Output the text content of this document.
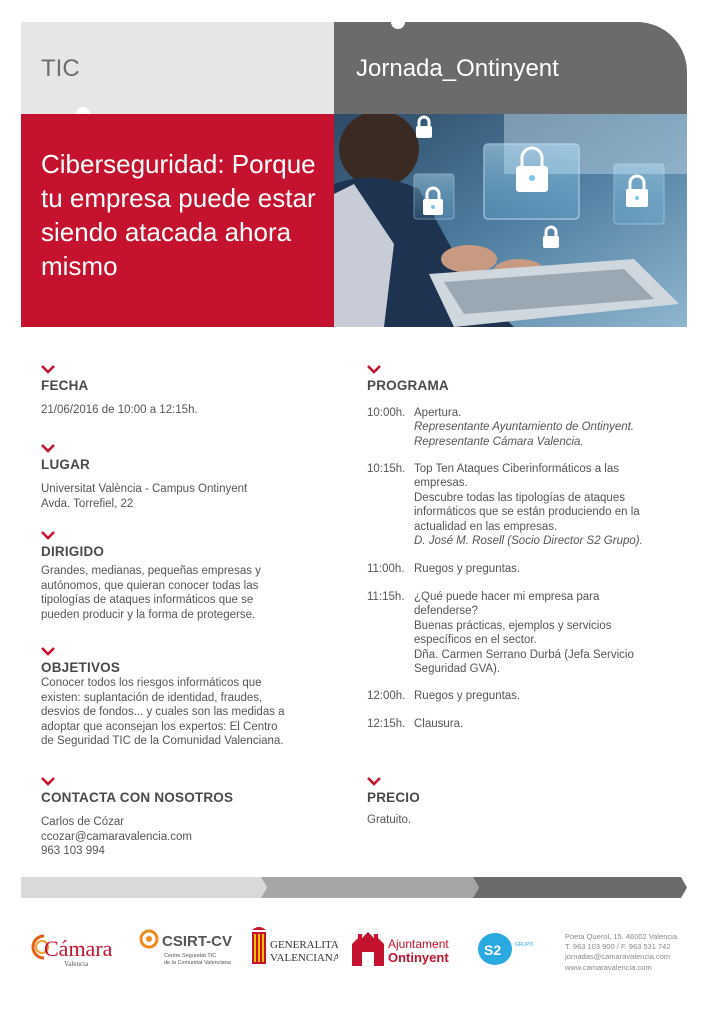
TIC	Jornada_Ontinyent
Ciberseguridad: Porque tu empresa puede estar siendo atacada ahora mismo
FECHA
21/06/2016 de 10:00 a 12:15h.
LUGAR
Universitat València - Campus Ontinyent
Avda. Torrefiel, 22
DIRIGIDO
Grandes, medianas, pequeñas empresas y
autónomos, que quieran conocer todas las
tipologías de ataques informáticos que se
pueden producir y la forma de protegerse.
OBJETIVOS
Conocer todos los riesgos informáticos que
existen: suplantación de identidad, fraudes,
desvios de fondos... y cuales son las medidas a
adoptar que aconsejan los expertos: El Centro
de Seguridad TIC de la Comunidad Valenciana.
CONTACTA CON NOSOTROS
Carlos de Cózar
ccozar@camaravalencia.com
963 103 994
PROGRAMA
10:00h. Apertura.
Representante Ayuntamiento de Ontinyent.
Representante Cámara Valencia.
10:15h. Top Ten Ataques Ciberinformáticos a las
empresas.
Descubre todas las tipologías de ataques
informáticos que se están produciendo en la
actualidad en las empresas.
D. José M. Rosell (Socio Director S2 Grupo).
11:00h. Ruegos y preguntas.
11:15h. ¿Qué puede hacer mi empresa para
defenderse?
Buenas prácticas, ejemplos y servicios
específicos en el sector.
Dña. Carmen Serrano Durbá (Jefa Servicio
Seguridad GVA).
12:00h. Ruegos y preguntas.
12:15h. Clausura.
PRECIO
Gratuito.
Cámara
Valencia
CSIRT-CV
Centre Seguretat TIC
de la Comunitat Valenciana
GENERALITAT
VALENCIANA
Ajuntament
Ontinyent	S2	GRUPO
Poeta Querol, 15. 46002 Valencia.
T. 963 103 900 / F. 963 531 742
jornadas@camaravalencia.com
www.camaravalencia.com
